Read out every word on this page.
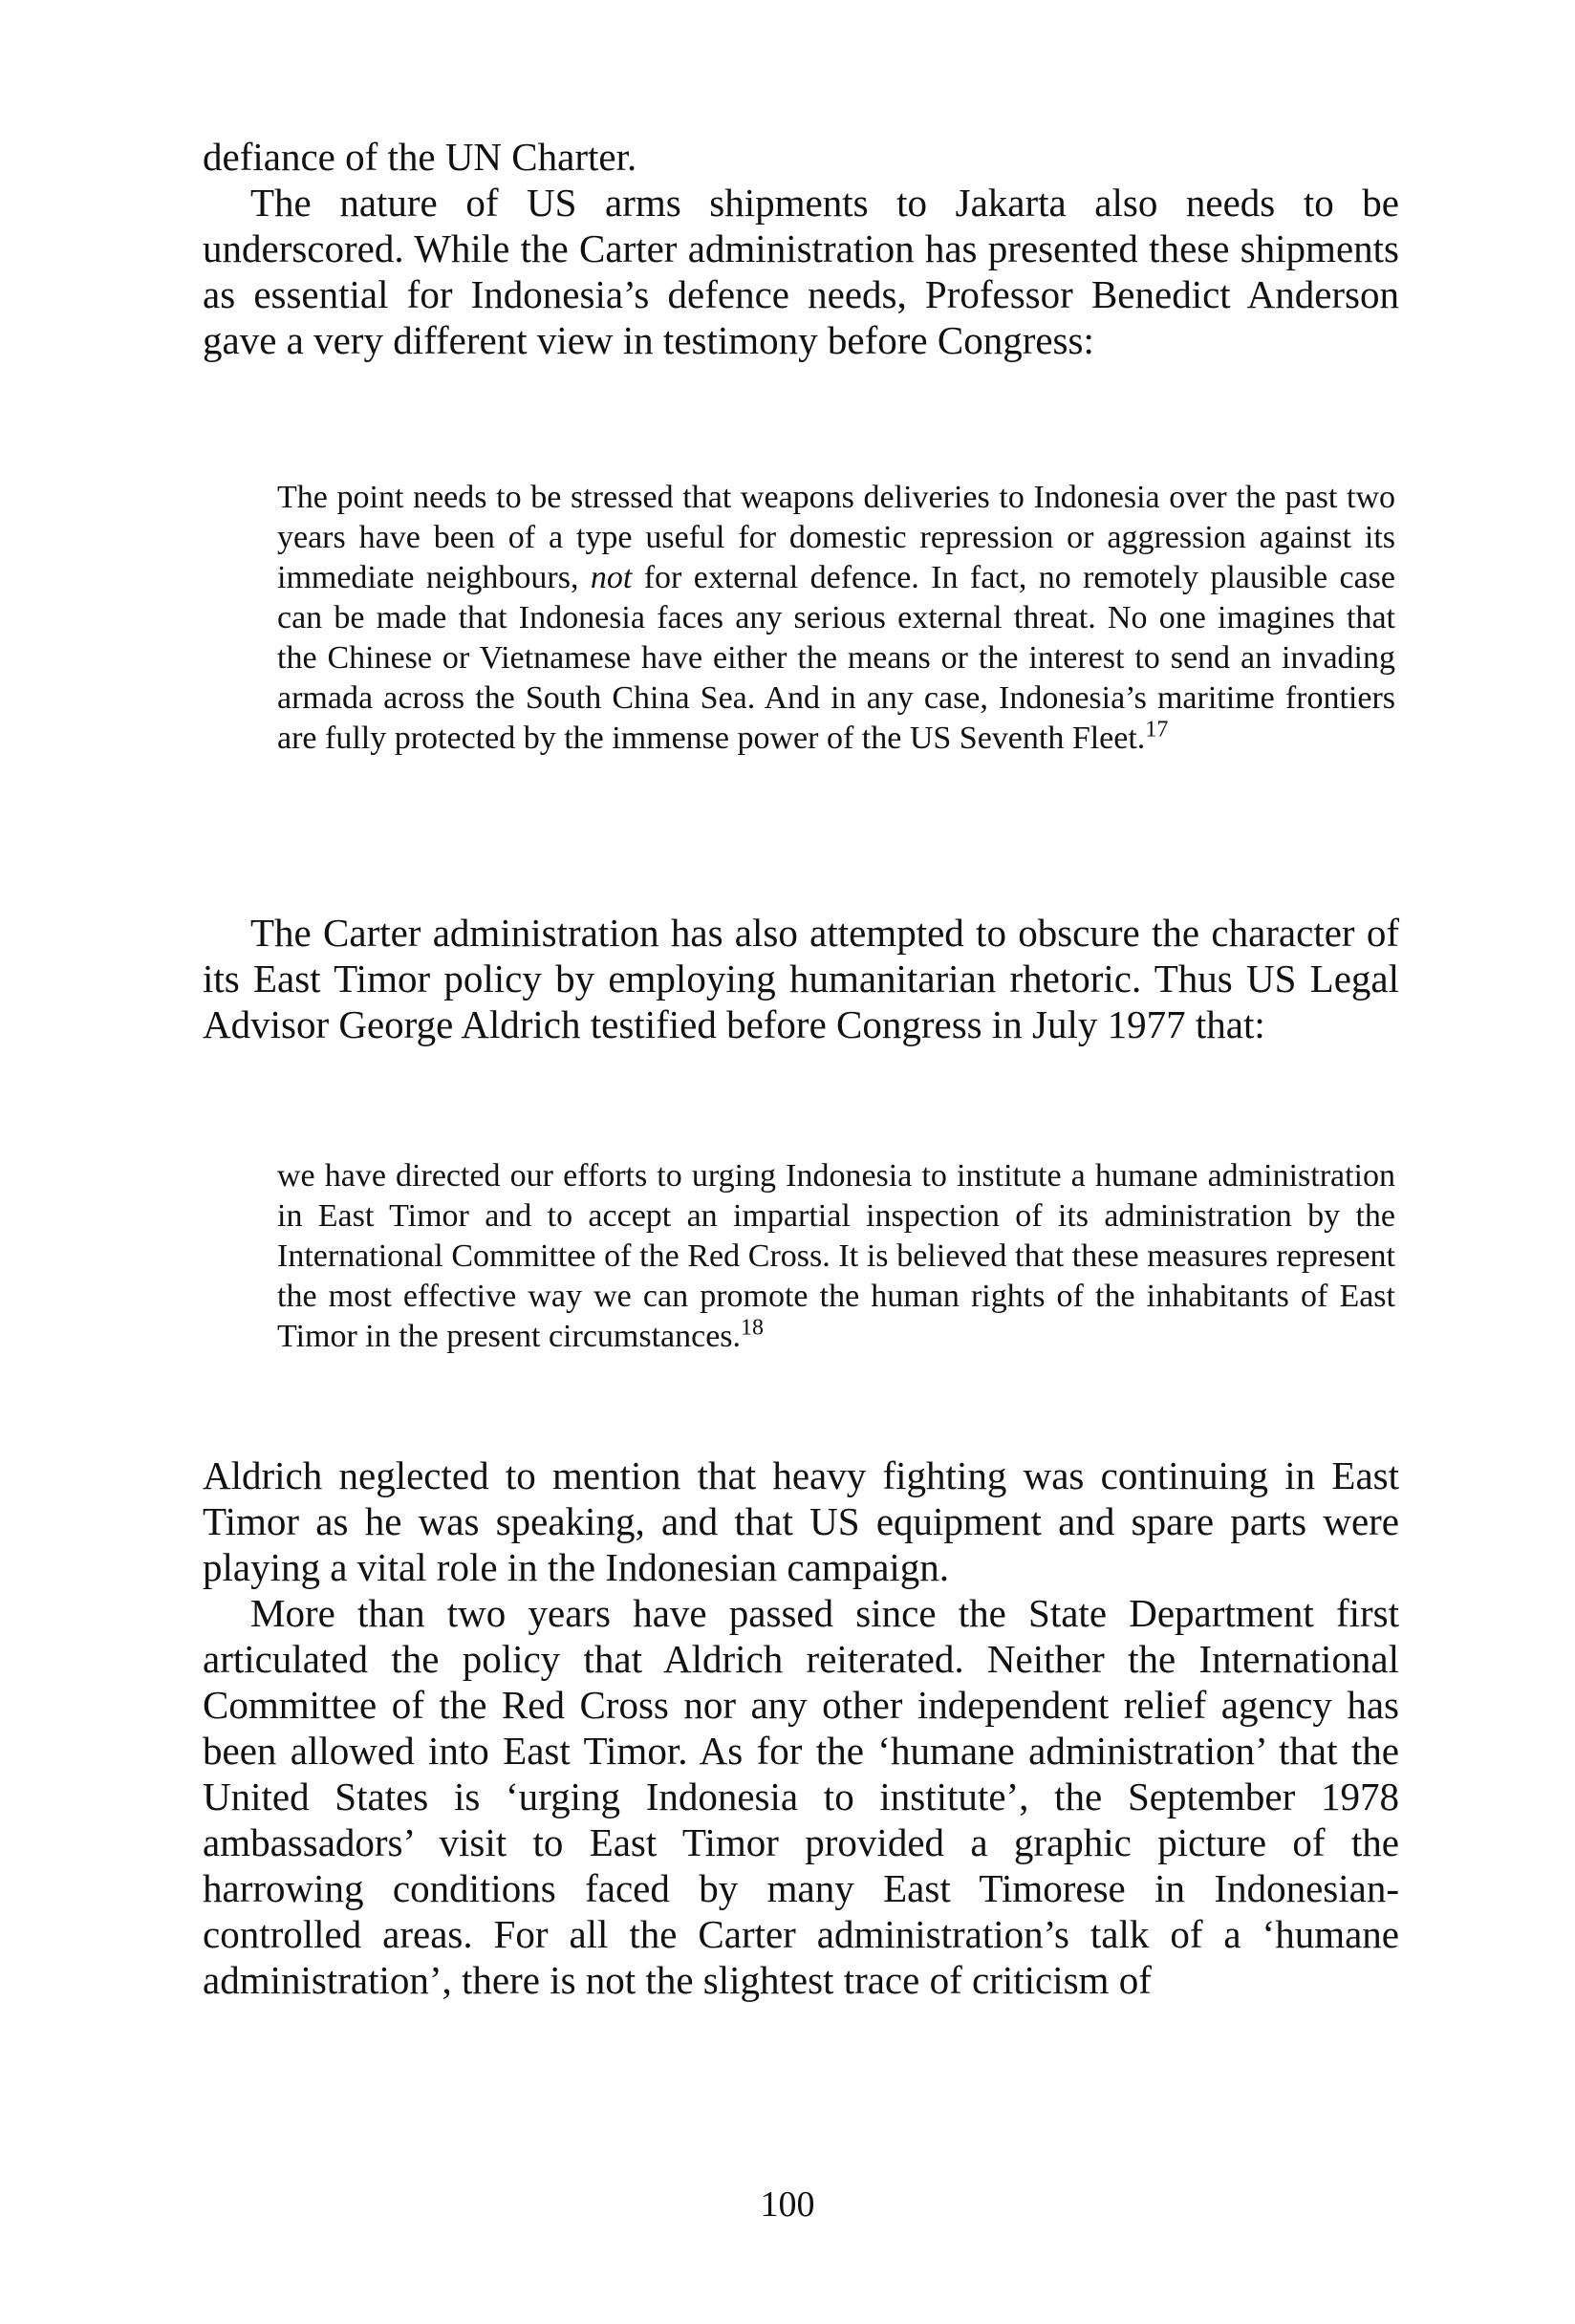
defiance of the UN Charter.

The nature of US arms shipments to Jakarta also needs to be underscored. While the Carter administration has presented these shipments as essential for Indonesia’s defence needs, Professor Benedict Anderson gave a very different view in testimony before Congress:

The point needs to be stressed that weapons deliveries to Indonesia over the past two years have been of a type useful for domestic repression or aggression against its immediate neighbours, not for external defence. In fact, no remotely plausible case can be made that Indonesia faces any serious external threat. No one imagines that the Chinese or Vietnamese have either the means or the interest to send an invading armada across the South China Sea. And in any case, Indonesia’s maritime frontiers are fully protected by the immense power of the US Seventh Fleet.$^{17}$

The Carter administration has also attempted to obscure the character of its East Timor policy by employing humanitarian rhetoric. Thus US Legal Advisor George Aldrich testified before Congress in July 1977 that:

we have directed our efforts to urging Indonesia to institute a humane administration in East Timor and to accept an impartial inspection of its administration by the International Committee of the Red Cross. It is believed that these measures represent the most effective way we can promote the human rights of the inhabitants of East Timor in the present circumstances.$^{18}$

Aldrich neglected to mention that heavy fighting was continuing in East Timor as he was speaking, and that US equipment and spare parts were playing a vital role in the Indonesian campaign.

More than two years have passed since the State Department first articulated the policy that Aldrich reiterated. Neither the International Committee of the Red Cross nor any other independent relief agency has been allowed into East Timor. As for the ‘humane administration’ that the United States is ‘urging Indonesia to institute’, the September 1978 ambassadors’ visit to East Timor provided a graphic picture of the harrowing conditions faced by many East Timorese in Indonesian-controlled areas. For all the Carter administration’s talk of a ‘humane administration’, there is not the slightest trace of criticism of

100
